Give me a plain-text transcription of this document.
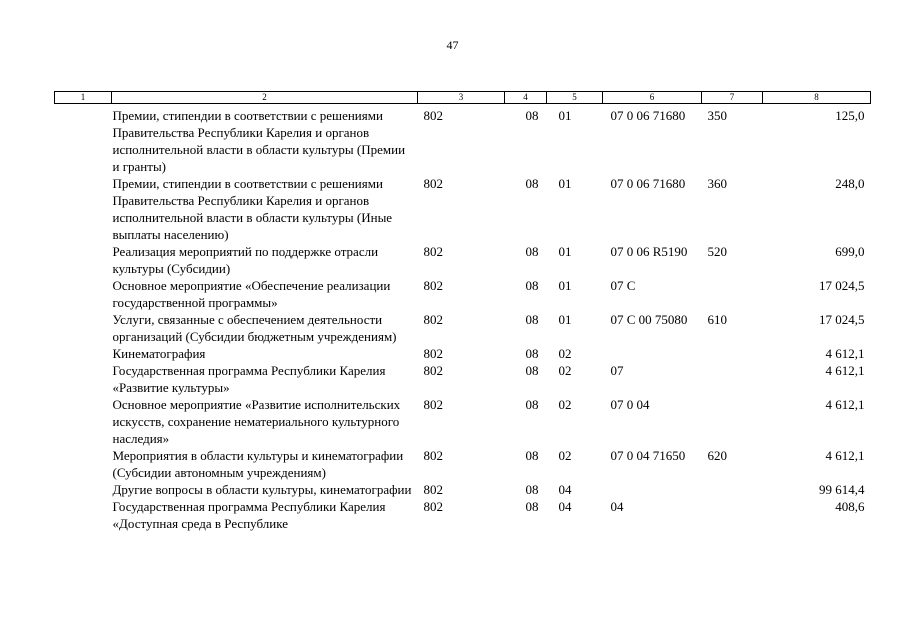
47
1	2	3	4	5	6	7	8
	Премии, стипендии в соответствии с решениями Правительства Республики Карелия и органов исполнительной власти в области культуры (Премии и гранты)	802	08	01	07 0 06 71680	350	125,0
	Премии, стипендии в соответствии с решениями Правительства Республики Карелия и органов исполнительной власти в области культуры (Иные выплаты населению)	802	08	01	07 0 06 71680	360	248,0
	Реализация мероприятий по поддержке отрасли культуры (Субсидии)	802	08	01	07 0 06 R5190	520	699,0
	Основное мероприятие «Обеспечение реализации государственной программы»	802	08	01	07 С		17 024,5
	Услуги, связанные с обеспечением деятельности организаций (Субсидии бюджетным учреждениям)	802	08	01	07 С 00 75080	610	17 024,5
	Кинематография	802	08	02			4 612,1
	Государственная программа Республики Карелия «Развитие культуры»	802	08	02	07		4 612,1
	Основное мероприятие «Развитие исполнительских искусств, сохранение нематериального культурного наследия»	802	08	02	07 0 04		4 612,1
	Мероприятия в области культуры и кинематографии (Субсидии автономным учреждениям)	802	08	02	07 0 04 71650	620	4 612,1
	Другие вопросы в области культуры, кинематографии	802	08	04			99 614,4
	Государственная программа Республики Карелия «Доступная среда в Республике	802	08	04	04		408,6
